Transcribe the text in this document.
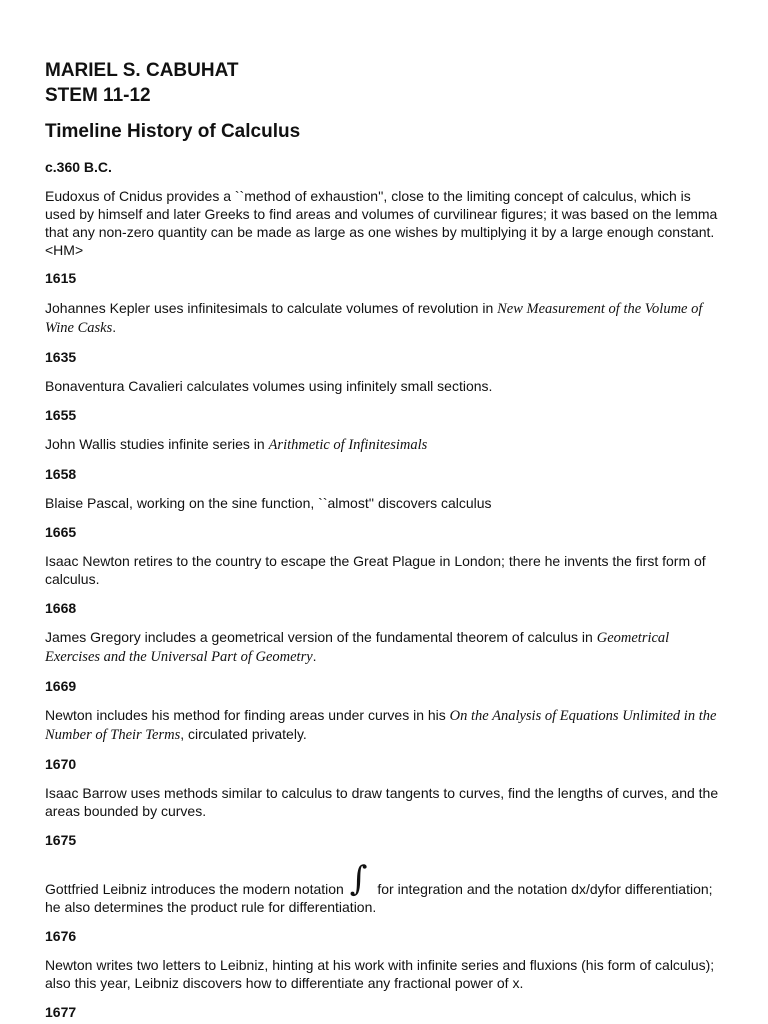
MARIEL S. CABUHAT

STEM 11-12

Timeline History of Calculus

c.360 B.C.

Eudoxus of Cnidus provides a ``method of exhaustion'', close to the limiting concept of calculus, which is used by himself and later Greeks to find areas and volumes of curvilinear figures; it was based on the lemma that any non-zero quantity can be made as large as one wishes by multiplying it by a large enough constant. <HM>

1615

Johannes Kepler uses infinitesimals to calculate volumes of revolution in New Measurement of the Volume of Wine Casks.

1635

Bonaventura Cavalieri calculates volumes using infinitely small sections.

1655

John Wallis studies infinite series in Arithmetic of Infinitesimals

1658

Blaise Pascal, working on the sine function, ``almost'' discovers calculus

1665

Isaac Newton retires to the country to escape the Great Plague in London; there he invents the first form of calculus.

1668

James Gregory includes a geometrical version of the fundamental theorem of calculus in Geometrical Exercises and the Universal Part of Geometry.

1669

Newton includes his method for finding areas under curves in his On the Analysis of Equations Unlimited in the Number of Their Terms, circulated privately.

1670

Isaac Barrow uses methods similar to calculus to draw tangents to curves, find the lengths of curves, and the areas bounded by curves.

1675

Gottfried Leibniz introduces the modern notation ∫ for integration and the notation dx/dyfor differentiation; he also determines the product rule for differentiation.

1676

Newton writes two letters to Leibniz, hinting at his work with infinite series and fluxions (his form of calculus); also this year, Leibniz discovers how to differentiate any fractional power of x.

1677
